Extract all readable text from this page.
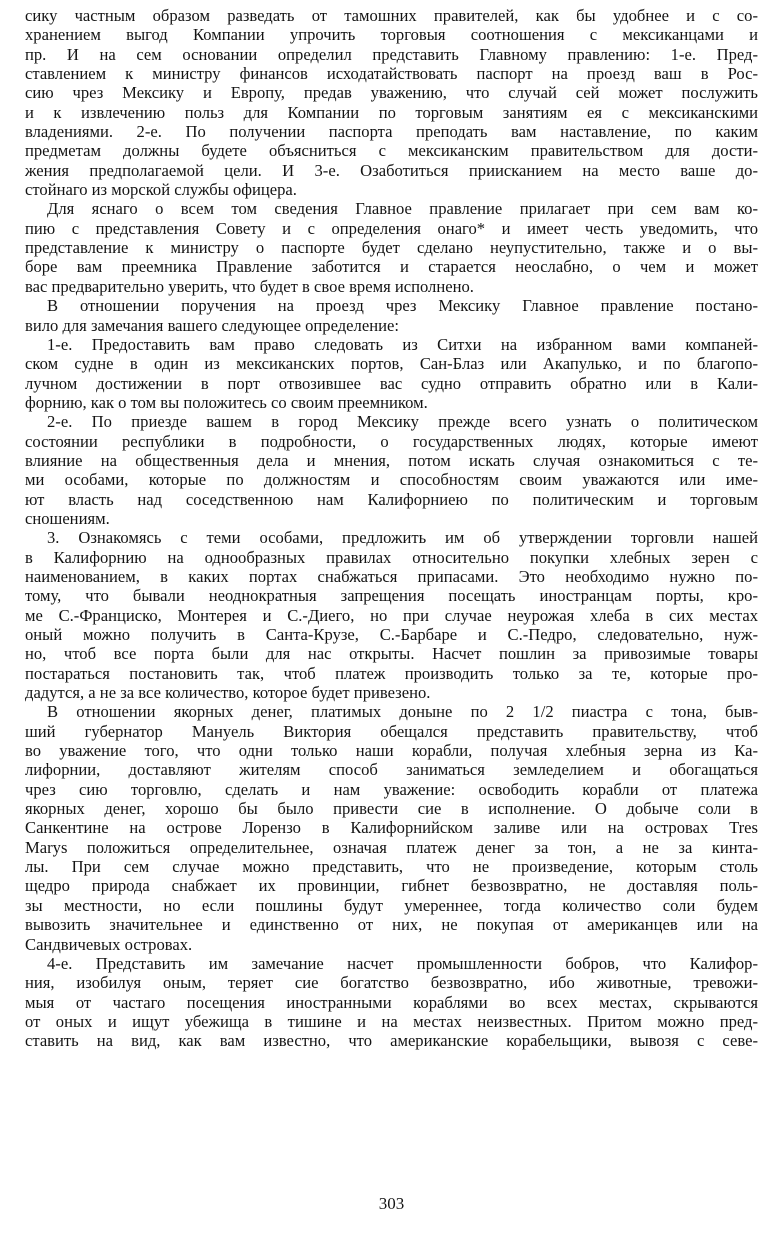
сику частным образом разведать от тамошних правителей, как бы удобнее и с со-
хранением выгод Компании упрочить торговыя соотношения с мексиканцами и
пр. И на сем основании определил представить Главному правлению: 1-е. Пред-
ставлением к министру финансов исходатайствовать паспорт на проезд ваш в Рос-
сию чрез Мексику и Европу, предав уважению, что случай сей может послужить
и к извлечению польз для Компании по торговым занятиям ея с мексиканскими
владениями. 2-е. По получении паспорта преподать вам наставление, по каким
предметам должны будете объясниться с мексиканским правительством для дости-
жения предполагаемой цели. И 3-е. Озаботиться приисканием на место ваше до-
стойнаго из морской службы офицера.

Для яснаго о всем том сведения Главное правление прилагает при сем вам ко-
пию с представления Совету и с определения онаго* и имеет честь уведомить, что
представление к министру о паспорте будет сделано неупустительно, также и о вы-
боре вам преемника Правление заботится и старается неослабно, о чем и может
вас предварительно уверить, что будет в свое время исполнено.

В отношении поручения на проезд чрез Мексику Главное правление постано-
вило для замечания вашего следующее определение:

1-е. Предоставить вам право следовать из Ситхи на избранном вами компаней-
ском судне в один из мексиканских портов, Сан-Блаз или Акапулько, и по благопо-
лучном достижении в порт отвозившее вас судно отправить обратно или в Кали-
форнию, как о том вы положитесь со своим преемником.

2-е. По приезде вашем в город Мексику прежде всего узнать о политическом
состоянии республики в подробности, о государственных людях, которые имеют
влияние на общественныя дела и мнения, потом искать случая ознакомиться с те-
ми особами, которые по должностям и способностям своим уважаются или име-
ют власть над соседственною нам Калифорниею по политическим и торговым
сношениям.

3. Ознакомясь с теми особами, предложить им об утверждении торговли нашей
в Калифорнию на однообразных правилах относительно покупки хлебных зерен с
наименованием, в каких портах снабжаться припасами. Это необходимо нужно по-
тому, что бывали неоднократныя запрещения посещать иностранцам порты, кро-
ме С.-Франциско, Монтерея и С.-Диего, но при случае неурожая хлеба в сих местах
оный можно получить в Санта-Крузе, С.-Барбаре и С.-Педро, следовательно, нуж-
но, чтоб все порта были для нас открыты. Насчет пошлин за привозимые товары
постараться постановить так, чтоб платеж производить только за те, которые про-
дадутся, а не за все количество, которое будет привезено.

В отношении якорных денег, платимых доныне по 2 1/2 пиастра с тона, быв-
ший губернатор Мануель Виктория обещался представить правительству, чтоб
во уважение того, что одни только наши корабли, получая хлебныя зерна из Ка-
лифорнии, доставляют жителям способ заниматься земледелием и обогащаться
чрез сию торговлю, сделать и нам уважение: освободить корабли от платежа
якорных денег, хорошо бы было привести сие в исполнение. О добыче соли в
Санкентине на острове Лорензо в Калифорнийском заливе или на островах Tres
Marys положиться определительнее, означая платеж денег за тон, а не за кинта-
лы. При сем случае можно представить, что не произведение, которым столь
щедро природа снабжает их провинции, гибнет безвозвратно, не доставляя поль-
зы местности, но если пошлины будут умереннее, тогда количество соли будем
вывозить значительнее и единственно от них, не покупая от американцев или на
Сандвичевых островах.

4-е. Представить им замечание насчет промышленности бобров, что Калифор-
ния, изобилуя оным, теряет сие богатство безвозвратно, ибо животные, тревожи-
мыя от частаго посещения иностранными кораблями во всех местах, скрываются
от оных и ищут убежища в тишине и на местах неизвестных. Притом можно пред-
ставить на вид, как вам известно, что американские корабельщики, вывозя с севе-

303
